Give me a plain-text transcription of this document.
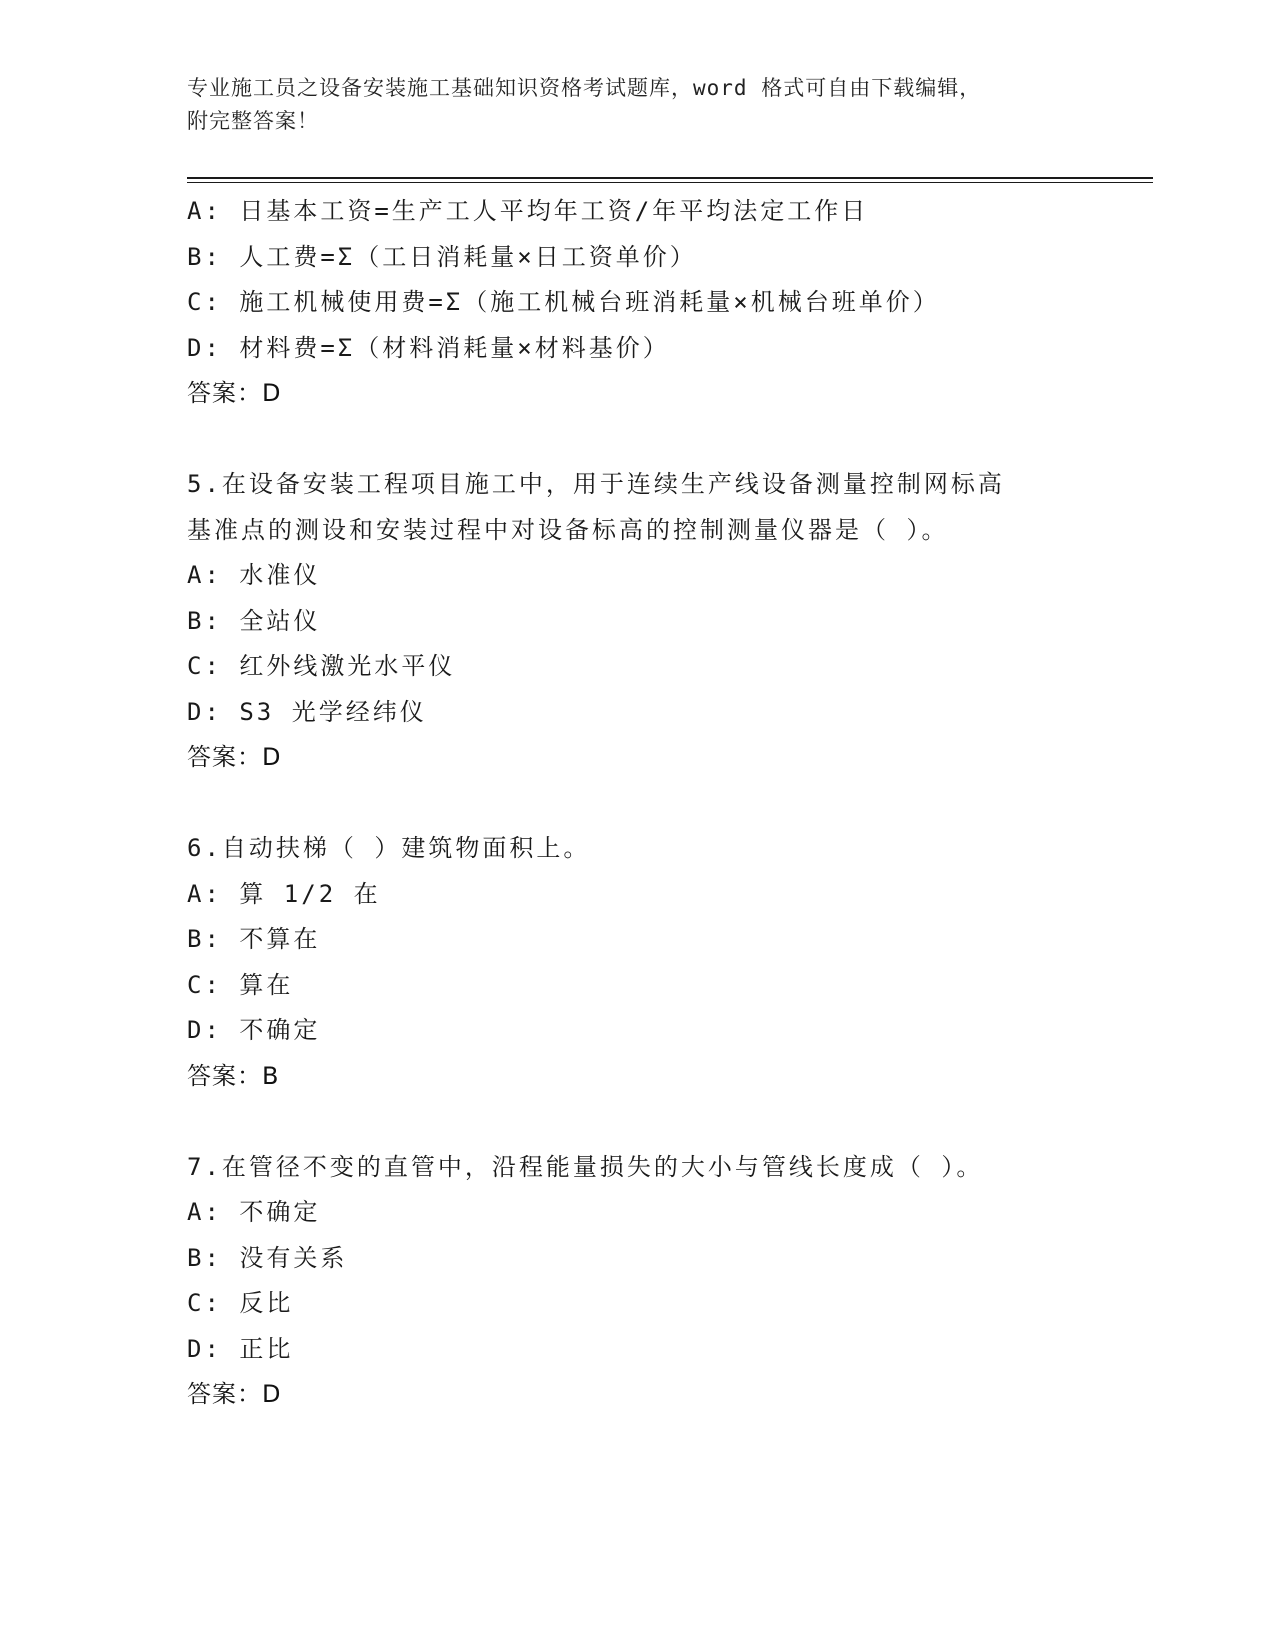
专业施工员之设备安装施工基础知识资格考试题库，word 格式可自由下载编辑，
附完整答案！
A: 日基本工资=生产工人平均年工资/年平均法定工作日
B: 人工费=Σ（工日消耗量×日工资单价）
C: 施工机械使用费=Σ（施工机械台班消耗量×机械台班单价）
D: 材料费=Σ（材料消耗量×材料基价）
答案：D
5.在设备安装工程项目施工中，用于连续生产线设备测量控制网标高
基准点的测设和安装过程中对设备标高的控制测量仪器是（ ）。
A: 水准仪
B: 全站仪
C: 红外线激光水平仪
D: S3 光学经纬仪
答案：D
6.自动扶梯（ ）建筑物面积上。
A: 算 1/2 在
B: 不算在
C: 算在
D: 不确定
答案：B
7.在管径不变的直管中，沿程能量损失的大小与管线长度成（ ）。
A: 不确定
B: 没有关系
C: 反比
D: 正比
答案：D
